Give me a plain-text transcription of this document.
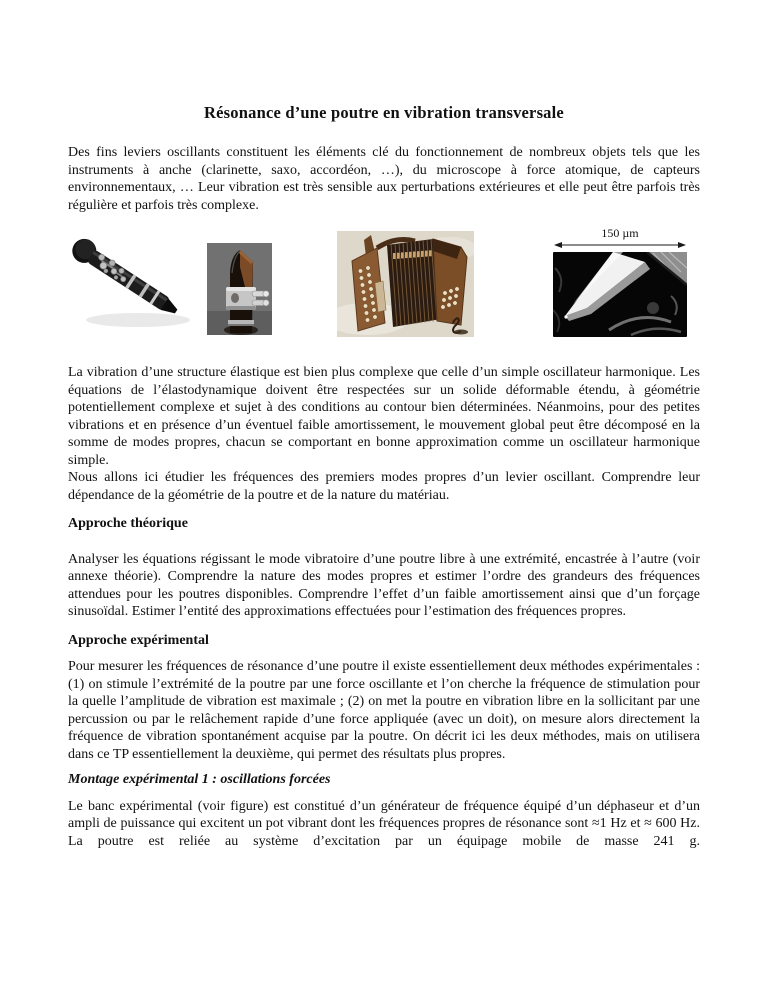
Résonance d’une poutre en vibration transversale

Des fins leviers oscillants constituent les éléments clé du fonctionnement de nombreux objets tels que les instruments à anche (clarinette, saxo, accordéon, …), du microscope à force atomique, de capteurs environnementaux, … Leur vibration est très sensible aux perturbations extérieures et elle peut être parfois très régulière et parfois très complexe.

150 µm

La vibration d’une structure élastique est bien plus complexe que celle d’un simple oscillateur harmonique. Les équations de l’élastodynamique doivent être respectées sur un solide déformable étendu, à géométrie potentiellement complexe et sujet à des conditions au contour bien déterminées. Néanmoins, pour des petites vibrations et en présence d’un éventuel faible amortissement, le mouvement global peut être décomposé en la somme de modes propres, chacun se comportant en bonne approximation comme un oscillateur harmonique simple.

Nous allons ici étudier les fréquences des premiers modes propres d’un levier oscillant. Comprendre leur dépendance de la géométrie de la poutre et de la nature du matériau.

Approche théorique

Analyser les équations régissant le mode vibratoire d’une poutre libre à une extrémité, encastrée à l’autre (voir annexe théorie). Comprendre la nature des modes propres et estimer l’ordre des grandeurs des fréquences attendues pour les poutres disponibles. Comprendre l’effet d’un faible amortissement ainsi que d’un forçage sinusoïdal. Estimer l’entité des approximations effectuées pour l’estimation des fréquences propres.

Approche expérimental

Pour mesurer les fréquences de résonance d’une poutre il existe essentiellement deux méthodes expérimentales : (1) on stimule l’extrémité de la poutre par une force oscillante et l’on cherche la fréquence de stimulation pour la quelle l’amplitude de vibration est maximale ; (2) on met la poutre en vibration libre en la sollicitant par une percussion ou par le relâchement rapide d’une force appliquée (avec un doit), on mesure alors directement la fréquence de vibration spontanément acquise par la poutre. On décrit ici les deux méthodes, mais on utilisera dans ce TP essentiellement la deuxième, qui permet des résultats plus propres.

Montage expérimental 1 : oscillations forcées

Le banc expérimental (voir figure) est constitué d’un générateur de fréquence équipé d’un déphaseur et d’un ampli de puissance qui excitent un pot vibrant dont les fréquences propres de résonance sont ≈1 Hz et ≈ 600 Hz. La poutre est reliée au système d’excitation par un équipage mobile de masse 241 g.
